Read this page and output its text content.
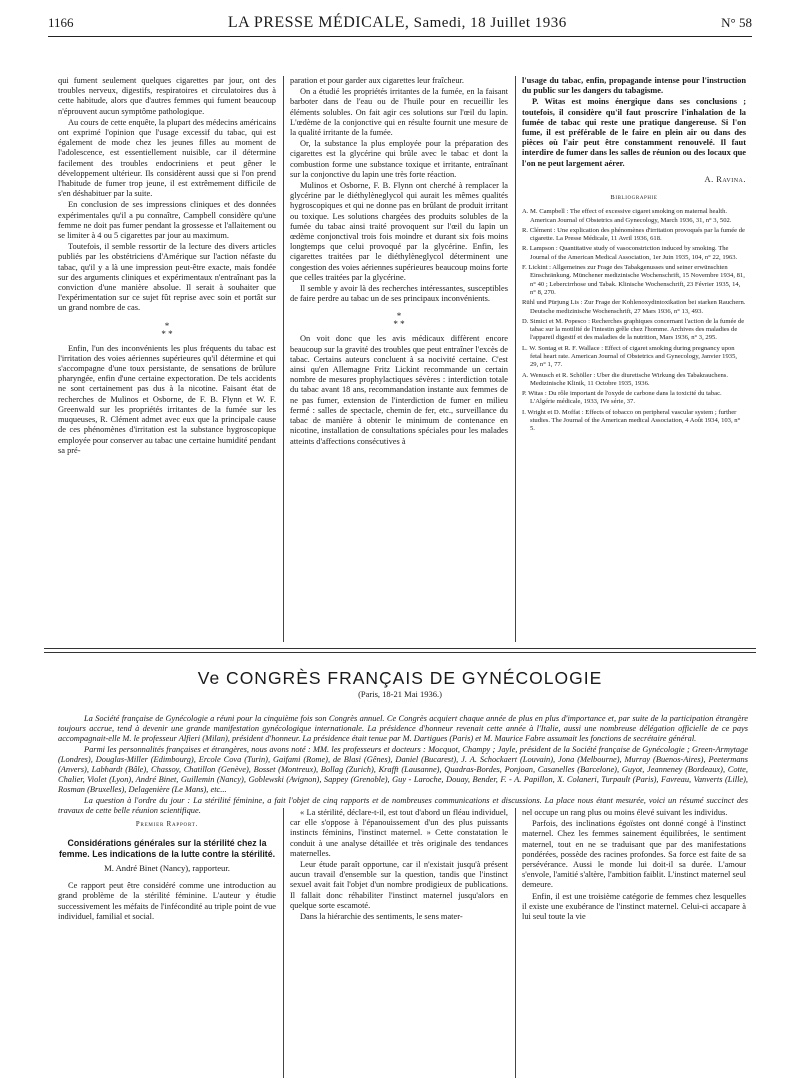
1166	LA PRESSE MÉDICALE, Samedi, 18 Juillet 1936	N° 58

qui fument seulement quelques cigarettes par jour, ont des troubles nerveux, digestifs, respiratoires et circulatoires dus à cette habitude, alors que d'autres femmes qui fument beaucoup n'éprouvent aucun symptôme pathologique.

Au cours de cette enquête, la plupart des médecins américains ont exprimé l'opinion que l'usage excessif du tabac, qui est également de mode chez les jeunes filles au moment de l'adolescence, est essentiellement nuisible, car il détermine facilement des troubles endocriniens et peut gêner le développement ultérieur. Ils considèrent aussi que si l'on prend l'habitude de fumer trop jeune, il est extrêmement difficile de s'en déshabituer par la suite.

En conclusion de ses impressions cliniques et des données expérimentales qu'il a pu connaître, Campbell considère qu'une femme ne doit pas fumer pendant la grossesse et l'allaitement ou se limiter à 4 ou 5 cigarettes par jour au maximum.

Toutefois, il semble ressortir de la lecture des divers articles publiés par les obstétriciens d'Amérique sur l'action néfaste du tabac, qu'il y a là une impression peut-être exacte, mais fondée sur des arguments cliniques et expérimentaux n'entraînant pas la conviction d'une manière absolue. Il serait à souhaiter que l'expérimentation sur ce sujet fût reprise avec soin et portât sur un grand nombre de cas.

*
* *

Enfin, l'un des inconvénients les plus fréquents du tabac est l'irritation des voies aériennes supérieures qu'il détermine et qui s'accompagne d'une toux persistante, de sensations de brûlure pharyngée, enfin d'une certaine expectoration. De tels accidents ne sont certainement pas dus à la nicotine. Faisant état de recherches de Mulinos et Osborne, de F. B. Flynn et W. F. Greenwald sur les propriétés irritantes de la fumée sur les muqueuses, R. Clément admet avec eux que la principale cause de ces phénomènes d'irritation est la substance hygroscopique employée pour conserver au tabac une certaine humidité pendant sa pré-

paration et pour garder aux cigarettes leur fraîcheur.

On a étudié les propriétés irritantes de la fumée, en la faisant barboter dans de l'eau ou de l'huile pour en recueillir les éléments solubles. On fait agir ces solutions sur l'œil du lapin. L'œdème de la conjonctive qui en résulte fournit une mesure de la qualité irritante de la fumée.

Or, la substance la plus employée pour la préparation des cigarettes est la glycérine qui brûle avec le tabac et dont la combustion forme une substance toxique et irritante, entraînant sur la conjonctive du lapin une très forte réaction.

Mulinos et Osborne, F. B. Flynn ont cherché à remplacer la glycérine par le diéthylèneglycol qui aurait les mêmes qualités hygroscopiques et qui ne donne pas en brûlant de produit irritant ou toxique. Les solutions chargées des produits solubles de la fumée du tabac ainsi traité provoquent sur l'œil du lapin un œdème conjonctival trois fois moindre et durant six fois moins longtemps que celui provoqué par la glycérine. Enfin, les cigarettes traitées par le diéthylèneglycol déterminent une congestion des voies aériennes supérieures beaucoup moins forte que celles traitées par la glycérine.

Il semble y avoir là des recherches intéressantes, susceptibles de faire perdre au tabac un de ses principaux inconvénients.

*
* *

On voit donc que les avis médicaux diffèrent encore beaucoup sur la gravité des troubles que peut entraîner l'excès de tabac. Certains auteurs concluent à sa nocivité certaine. C'est ainsi qu'en Allemagne Fritz Lickint recommande un certain nombre de mesures prophylactiques sévères : interdiction totale du tabac avant 18 ans, recommandation instante aux femmes de ne pas fumer, extension de l'interdiction de fumer en milieu fermé : salles de spectacle, chemin de fer, etc., surveillance du tabac de manière à obtenir le minimum de contenance en nicotine, installation de consultations spéciales pour les malades atteints d'affections consécutives à

l'usage du tabac, enfin, propagande intense pour l'instruction du public sur les dangers du tabagisme.

P. Witas est moins énergique dans ses conclusions ; toutefois, il considère qu'il faut proscrire l'inhalation de la fumée de tabac qui reste une pratique dangereuse. Si l'on fume, il est préférable de le faire en plein air ou dans des pièces où l'air peut être constamment renouvelé. Il faut interdire de fumer dans les salles de réunion ou des locaux que l'on ne peut largement aérer.

A. Ravina.
Bibliographie
A. M. Campbell : The effect of excessive cigaret smoking on maternal health. American Journal of Obstetrics and Gynecology, March 1936, 31, n° 3, 502.
R. Clément : Une explication des phénomènes d'irritation provoqués par la fumée de cigarette. La Presse Médicale, 11 Avril 1936, 618.
R. Lampson : Quantitative study of vasoconstriction induced by smoking. The Journal of the American Medical Association, 1er Juin 1935, 104, n° 22, 1963.
F. Lickint : Allgemeines zur Frage des Tabakgenusses und seiner erwünschten Einschränkung. Münchener medizinische Wochenschrift, 15 Novembre 1934, 81, n° 40 ; Lebercirrhose und Tabak. Klinische Wochenschrift, 23 Février 1935, 14, n° 8, 270.
Rühl und Pürjung Lis : Zur Frage der Kohlenoxydintoxikation bei starken Rauchern. Deutsche medizinische Wochenschrift, 27 Mars 1936, n° 13, 493.
D. Simici et M. Popesco : Recherches graphiques concernant l'action de la fumée de tabac sur la motilité de l'intestin grêle chez l'homme. Archives des maladies de l'appareil digestif et des maladies de la nutrition, Mars 1936, n° 3, 295.
L. W. Sontag et R. F. Wallace : Effect of cigaret smoking during pregnancy upon fetal heart rate. American Journal of Obstetrics and Gynecology, Janvier 1935, 29, n° 1, 77.
A. Wenusch et R. Schöller : Uber die diuretische Wirkung des Tabakrauchens. Medizinische Klinik, 11 Octobre 1935, 1936.
P. Witas : Du rôle important de l'oxyde de carbone dans la toxicité du tabac. L'Algérie médicale, 1933, IVe série, 37.
I. Wright et D. Moffat : Effects of tobacco on peripheral vascular system ; further studies. The Journal of the American medical Association, 4 Août 1934, 103, n° 5.
Ve CONGRÈS FRANÇAIS DE GYNÉCOLOGIE
(Paris, 18-21 Mai 1936.)

La Société française de Gynécologie a réuni pour la cinquième fois son Congrès annuel. Ce Congrès acquiert chaque année de plus en plus d'importance et, par suite de la participation étrangère toujours accrue, tend à devenir une grande manifestation gynécologique internationale. La présidence d'honneur revenait cette année à l'Italie, aussi une nombreuse délégation officielle de ce pays accompagnait-elle M. le professeur Alfieri (Milan), président d'honneur. La présidence était tenue par M. Dartigues (Paris) et M. Maurice Fabre assumait les fonctions de secrétaire général.

Parmi les personnalités françaises et étrangères, nous avons noté : MM. les professeurs et docteurs : Mocquot, Champy ; Jayle, président de la Société française de Gynécologie ; Green-Armytage (Londres), Douglas-Miller (Edimbourg), Ercole Cova (Turin), Gaifami (Rome), de Blasi (Gênes), Daniel (Bucarest), J. A. Schockaert (Louvain), Jona (Melbourne), Murray (Buenos-Aires), Peetermans (Anvers), Labhardt (Bâle), Chassoy, Chatillon (Genève), Bosset (Montreux), Bollag (Zurich), Krafft (Lausanne), Quadras-Bordes, Ponjoan, Casanelles (Barcelone), Guyot, Jeanneney (Bordeaux), Cotte, Chalier, Violet (Lyon), André Binet, Guillemin (Nancy), Goblewski (Avignon), Sappey (Grenoble), Guy - Laroche, Douay, Bender, F. - A. Papillon, X. Colaneri, Turpault (Paris), Favreau, Vanverts (Lille), Rosman (Bruxelles), Delagenière (Le Mans), etc...

La question à l'ordre du jour : La stérilité féminine, a fait l'objet de cinq rapports et de nombreuses communications et discussions. La place nous étant mesurée, voici un résumé succinct des travaux de cette belle réunion scientifique.

Premier Rapport.
Considérations générales sur la stérilité chez la femme. Les indications de la lutte contre la stérilité.
M. André Binet (Nancy), rapporteur.

Ce rapport peut être considéré comme une introduction au grand problème de la stérilité féminine. L'auteur y étudie successivement les méfaits de l'infécondité au triple point de vue individuel, familial et social.

« La stérilité, déclare-t-il, est tout d'abord un fléau individuel, car elle s'oppose à l'épanouissement d'un des plus puissants instincts féminins, l'instinct maternel. » Cette constatation le conduit à une analyse détaillée et très originale des tendances maternelles.

Leur étude paraît opportune, car il n'existait jusqu'à présent aucun travail d'ensemble sur la question, tandis que l'instinct sexuel avait fait l'objet d'un nombre prodigieux de publications. Il fallait donc réhabiliter l'instinct maternel jusqu'alors en quelque sorte escamoté.

Dans la hiérarchie des sentiments, le sens mater-

nel occupe un rang plus ou moins élevé suivant les individus.

Parfois, des inclinations égoïstes ont donné congé à l'instinct maternel. Chez les femmes sainement équilibrées, le sentiment maternel, tout en ne se traduisant que par des manifestations pondérées, possède des racines profondes. Sa force est faite de sa persévérance. Aussi le monde lui doit-il sa durée. L'amour s'envole, l'amitié s'altère, l'ambition faiblit. L'instinct maternel seul demeure.

Enfin, il est une troisième catégorie de femmes chez lesquelles il existe une exubérance de l'instinct maternel. Celui-ci accapare à lui seul toute la vie
